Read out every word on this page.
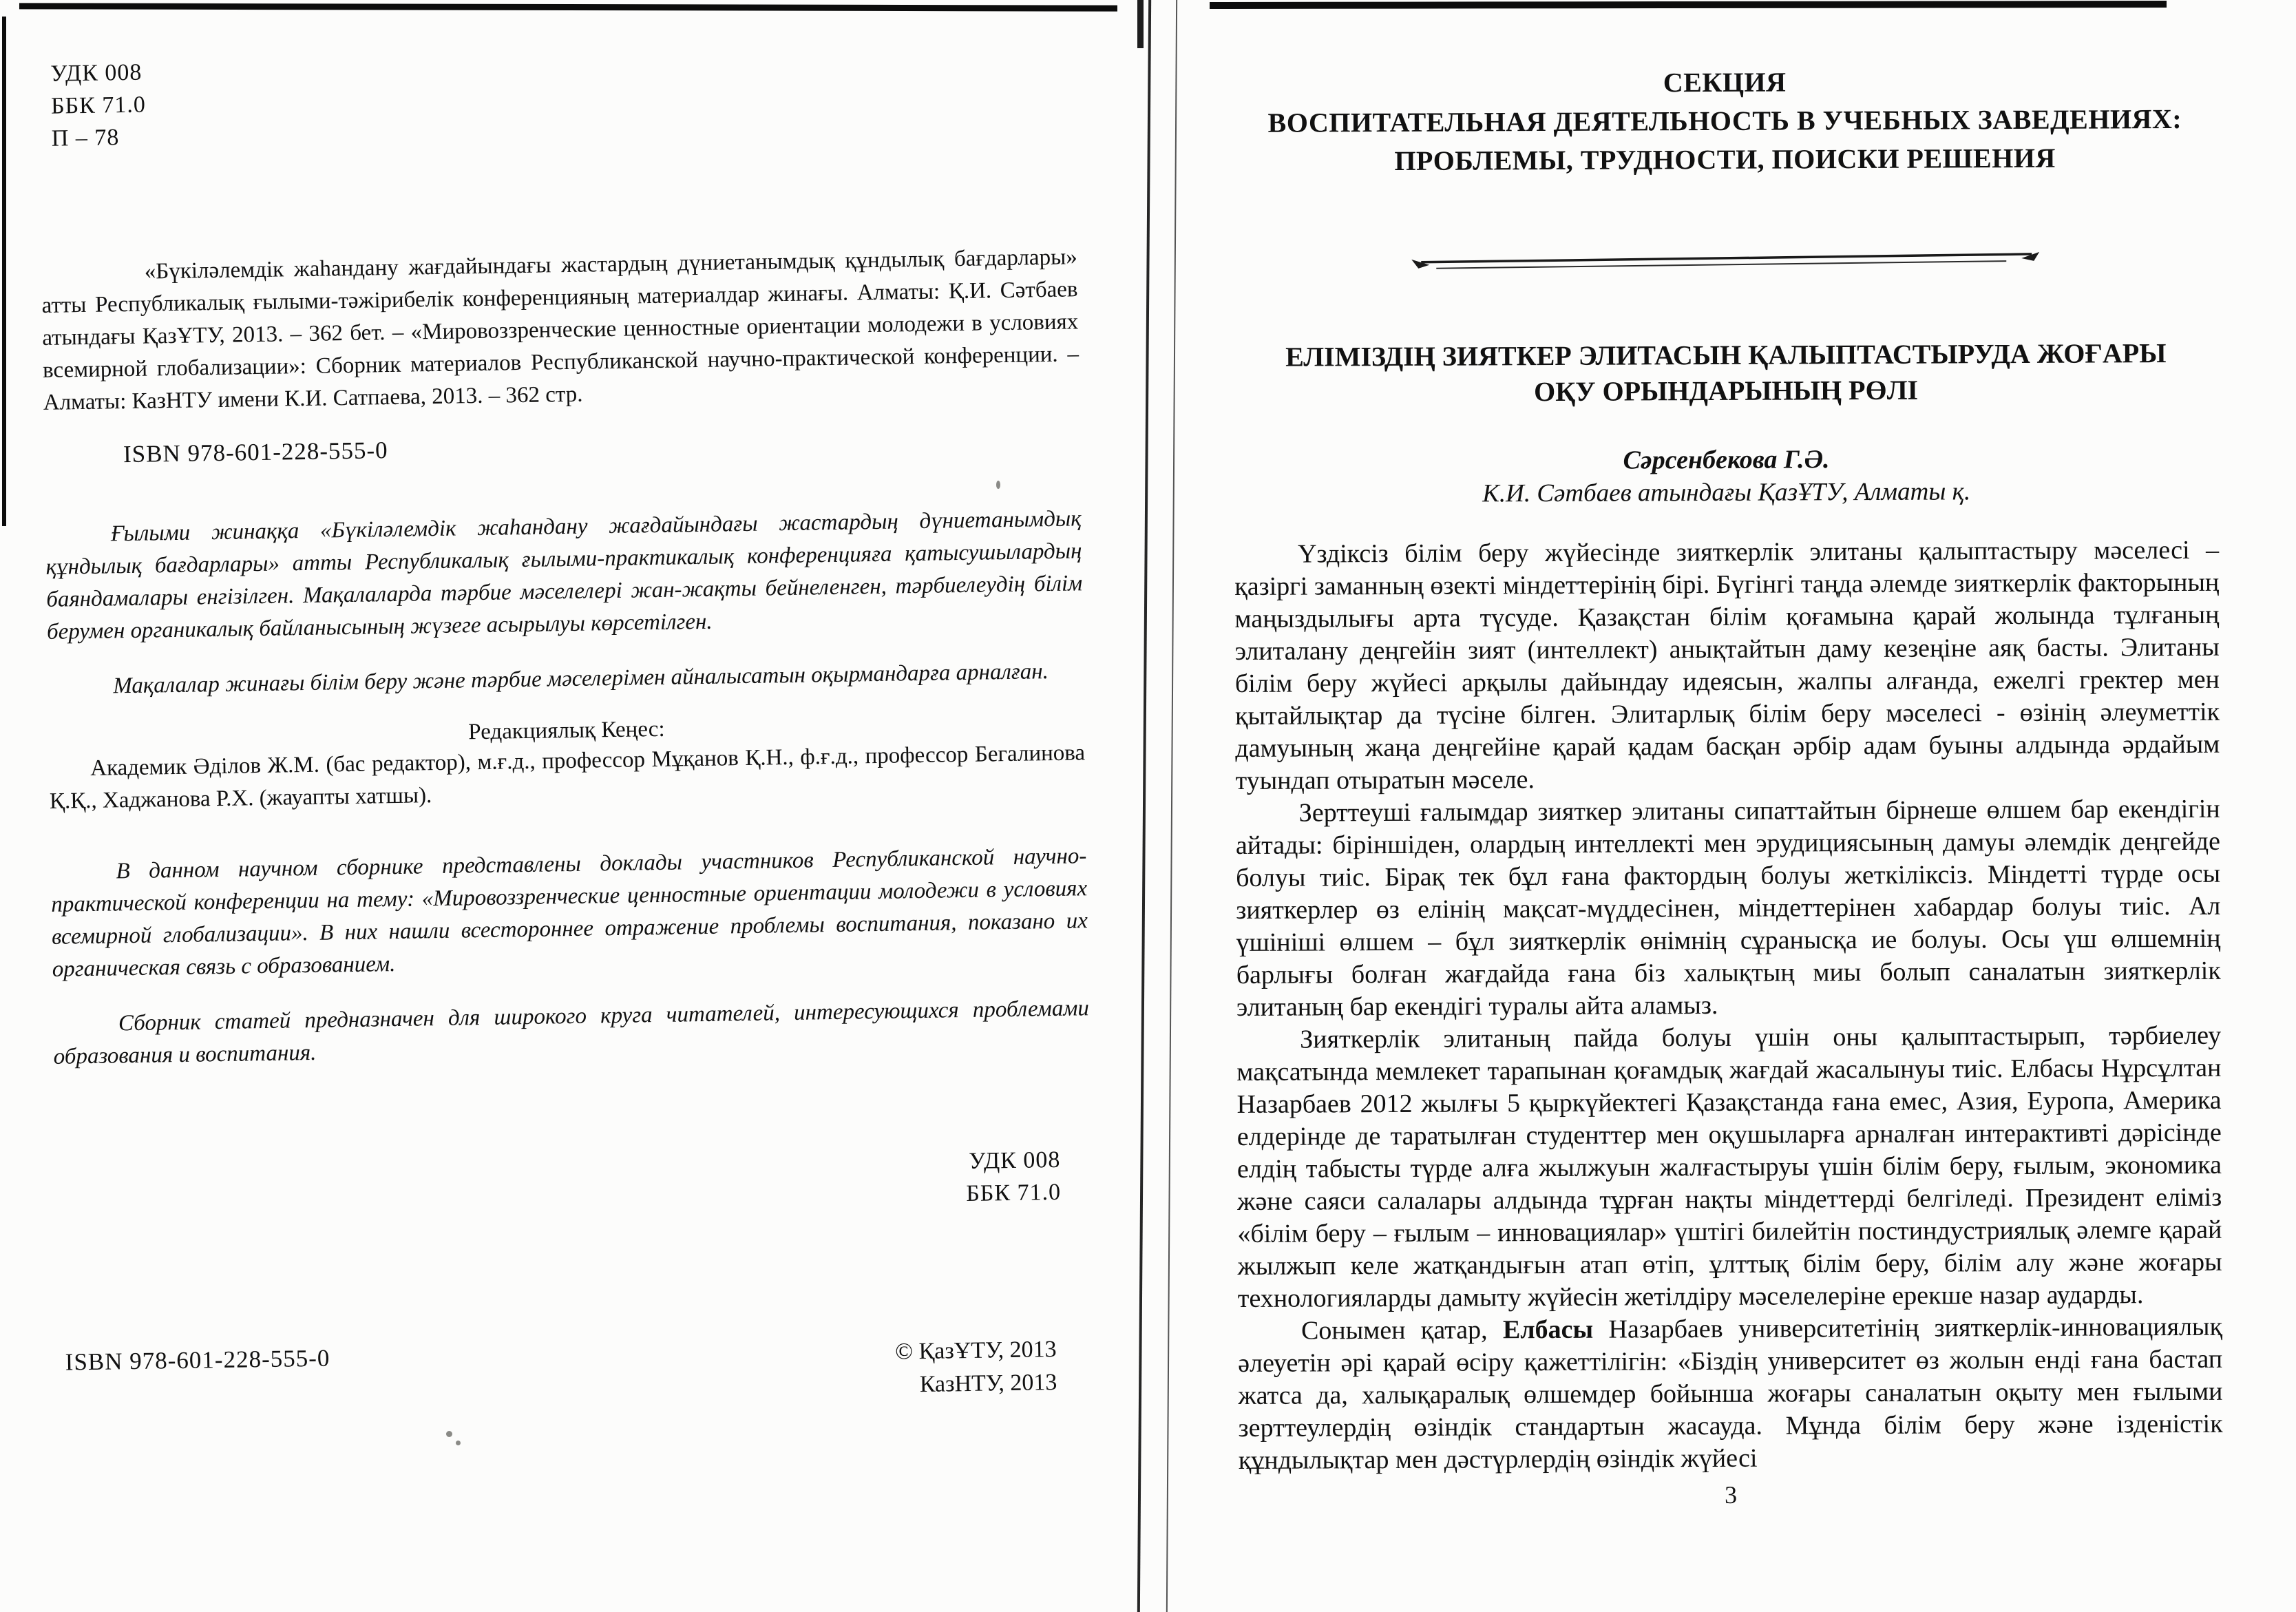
УДК 008
ББК 71.0
П – 78

«Бүкіләлемдік жаһандану жағдайындағы жастардың дүниетанымдық құндылық бағдарлары» атты Республикалық ғылыми-тәжірибелік конференцияның материалдар жинағы. Алматы: Қ.И. Сәтбаев атындағы ҚазҰТУ, 2013. – 362 бет. – «Мировоззренческие ценностные ориентации молодежи в условиях всемирной глобализации»: Сборник материалов Республиканской научно-практической конференции. – Алматы: КазНТУ имени К.И. Сатпаева, 2013. – 362 стр.

ISBN 978-601-228-555-0

Ғылыми жинаққа «Бүкіләлемдік жаһандану жағдайындағы жастардың дүниетанымдық құндылық бағдарлары» атты Республикалық ғылыми-практикалық конференцияға қатысушылардың баяндамалары енгізілген. Мақалаларда тәрбие мәселелері жан-жақты бейнеленген, тәрбиелеудің білім берумен органикалық байланысының жүзеге асырылуы көрсетілген.

Мақалалар жинағы білім беру және тәрбие мәселерімен айналысатын оқырмандарға арналған.

Редакциялық Кеңес:

Академик Әділов Ж.М. (бас редактор), м.ғ.д., профессор Мұқанов Қ.Н., ф.ғ.д., профессор Бегалинова Қ.Қ., Хаджанова Р.Х. (жауапты хатшы).

В данном научном сборнике представлены доклады участников Республиканской научно-практической конференции на тему: «Мировоззренческие ценностные ориентации молодежи в условиях всемирной глобализации». В них нашли всестороннее отражение проблемы воспитания, показано их органическая связь с образованием.

Сборник статей предназначен для широкого круга читателей, интересующихся проблемами образования и воспитания.

УДК 008
ББК 71.0
ISBN 978-601-228-555-0	© ҚазҰТУ, 2013
КазНТУ, 2013
СЕКЦИЯ
ВОСПИТАТЕЛЬНАЯ ДЕЯТЕЛЬНОСТЬ В УЧЕБНЫХ ЗАВЕДЕНИЯХ:
ПРОБЛЕМЫ, ТРУДНОСТИ, ПОИСКИ РЕШЕНИЯ
ЕЛІМІЗДІҢ ЗИЯТКЕР ЭЛИТАСЫН ҚАЛЫПТАСТЫРУДА ЖОҒАРЫ ОҚУ ОРЫНДАРЫНЫҢ РӨЛІ
Сәрсенбекова Г.Ә.
К.И. Сәтбаев атындағы ҚазҰТУ, Алматы қ.

Үздіксіз білім беру жүйесінде зияткерлік элитаны қалыптастыру мәселесі – қазіргі заманның өзекті міндеттерінің бірі. Бүгінгі таңда әлемде зияткерлік факторының маңыздылығы арта түсуде. Қазақстан білім қоғамына қарай жолында тұлғаның элиталану деңгейін зият (интеллект) анықтайтын даму кезеңіне аяқ басты. Элитаны білім беру жүйесі арқылы дайындау идеясын, жалпы алғанда, ежелгі гректер мен қытайлықтар да түсіне білген. Элитарлық білім беру мәселесі - өзінің әлеуметтік дамуының жаңа деңгейіне қарай қадам басқан әрбір адам буыны алдында әрдайым туындап отыратын мәселе.

Зерттеуші ғалымдар зияткер элитаны сипаттайтын бірнеше өлшем бар екендігін айтады: біріншіден, олардың интеллекті мен эрудициясының дамуы әлемдік деңгейде болуы тиіс. Бірақ тек бұл ғана фактордың болуы жеткіліксіз. Міндетті түрде осы зияткерлер өз елінің мақсат-мүддесінен, міндеттерінен хабардар болуы тиіс. Ал үшініші өлшем – бұл зияткерлік өнімнің сұранысқа ие болуы. Осы үш өлшемнің барлығы болған жағдайда ғана біз халықтың миы болып саналатын зияткерлік элитаның бар екендігі туралы айта аламыз.

Зияткерлік элитаның пайда болуы үшін оны қалыптастырып, тәрбиелеу мақсатында мемлекет тарапынан қоғамдық жағдай жасалынуы тиіс. Елбасы Нұрсұлтан Назарбаев 2012 жылғы 5 қыркүйектегі Қазақстанда ғана емес, Азия, Еуропа, Америка елдерінде де таратылған студенттер мен оқушыларға арналған интерактивті дәрісінде елдің табысты түрде алға жылжуын жалғастыруы үшін білім беру, ғылым, экономика және саяси салалары алдында тұрған нақты міндеттерді белгіледі. Президент еліміз «білім беру – ғылым – инновациялар» үштігі билейтін постиндустриялық әлемге қарай жылжып келе жатқандығын атап өтіп, ұлттық білім беру, білім алу және жоғары технологияларды дамыту жүйесін жетілдіру мәселелеріне ерекше назар аударды.

Сонымен қатар, Елбасы Назарбаев университетінің зияткерлік-инновациялық әлеуетін әрі қарай өсіру қажеттілігін: «Біздің университет өз жолын енді ғана бастап жатса да, халықаралық өлшемдер бойынша жоғары саналатын оқыту мен ғылыми зерттеулердің өзіндік стандартын жасауда. Мұнда білім беру және ізденістік құндылықтар мен дәстүрлердің өзіндік жүйесі

3
